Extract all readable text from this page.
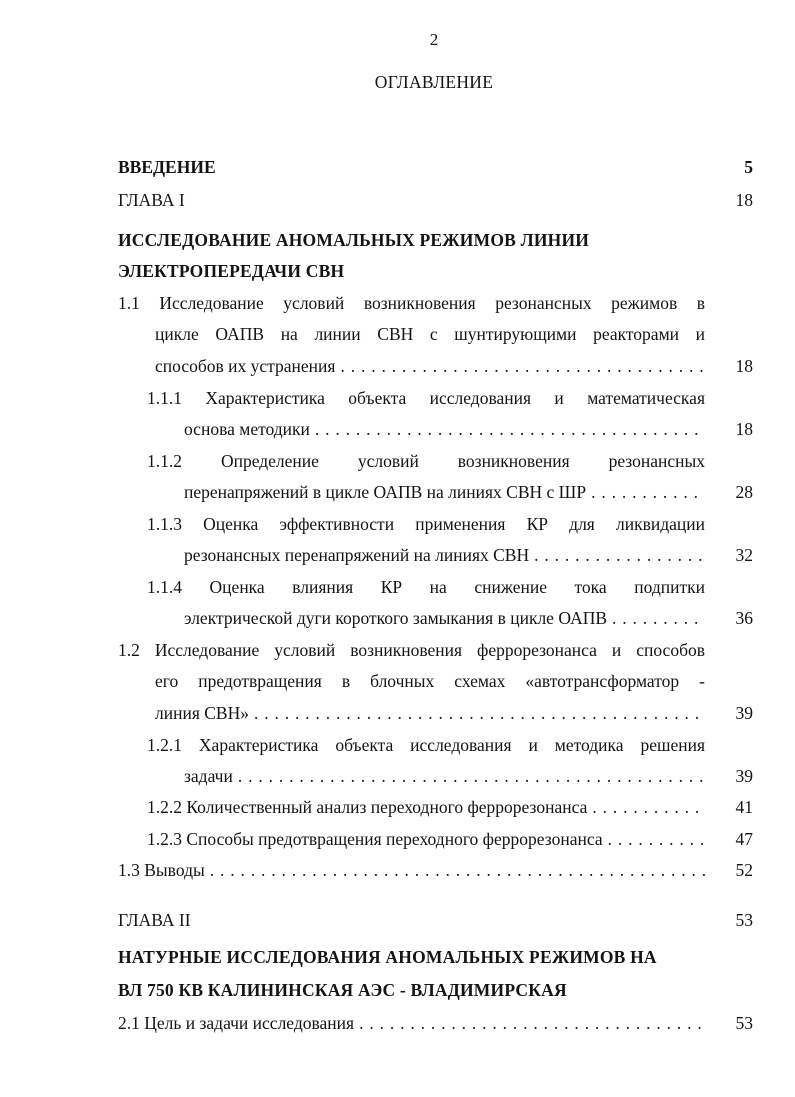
2
ОГЛАВЛЕНИЕ
ВВЕДЕНИЕ	5
ГЛАВА I	18
ИССЛЕДОВАНИЕ АНОМАЛЬНЫХ РЕЖИМОВ ЛИНИИ
ЭЛЕКТРОПЕРЕДАЧИ СВН
1.1 Исследование условий возникновения резонансных режимов в
цикле ОАПВ на линии СВН с шунтирующими реакторами и
способов их устранения . . .	18
1.1.1 Характеристика объекта исследования и математическая
основа методики . . .	18
1.1.2 Определение условий возникновения резонансных
перенапряжений в цикле ОАПВ на линиях СВН с ШР . . .	28
1.1.3 Оценка эффективности применения КР для ликвидации
резонансных перенапряжений на линиях СВН . . .	32
1.1.4 Оценка влияния КР на снижение тока подпитки
электрической дуги короткого замыкания в цикле ОАПВ . . .	36
1.2 Исследование условий возникновения феррорезонанса и способов
его предотвращения в блочных схемах «автотрансформатор -
линия СВН» . . .	39
1.2.1 Характеристика объекта исследования и методика решения
задачи . . .	39
1.2.2 Количественный анализ переходного феррорезонанса . . .	41
1.2.3 Способы предотвращения переходного феррорезонанса . . .	47
1.3 Выводы . . .	52
ГЛАВА II	53
НАТУРНЫЕ ИССЛЕДОВАНИЯ АНОМАЛЬНЫХ РЕЖИМОВ НА
ВЛ 750 КВ КАЛИНИНСКАЯ АЭС - ВЛАДИМИРСКАЯ
2.1 Цель и задачи исследования . . .	53
